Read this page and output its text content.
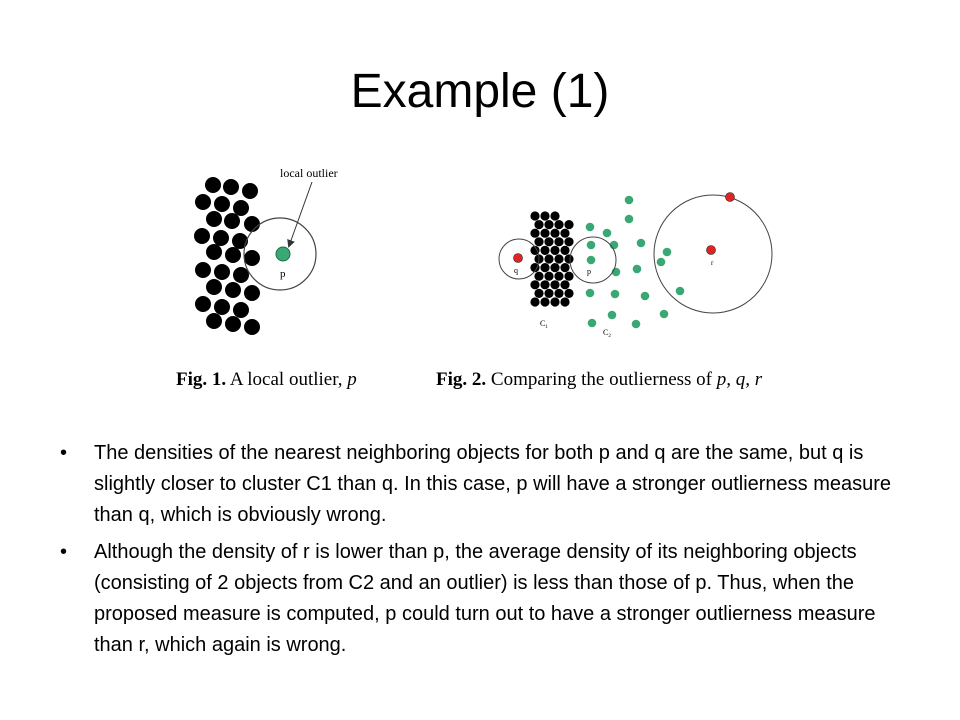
Example (1)
p
local outlier
q	p
r
$C_1$
$C_2$
Fig. 1. A local outlier, p	Fig. 2. Comparing the outlierness of p, q, r
• The densities of the nearest neighboring objects for both p and q are the same, but q is slightly closer to cluster C1 than q. In this case, p will have a stronger outlierness measure than q, which is obviously wrong.
• Although the density of r is lower than p, the average density of its neighboring objects (consisting of 2 objects from C2 and an outlier) is less than those of p. Thus, when the proposed measure is computed, p could turn out to have a stronger outlierness measure than r, which again is wrong.
